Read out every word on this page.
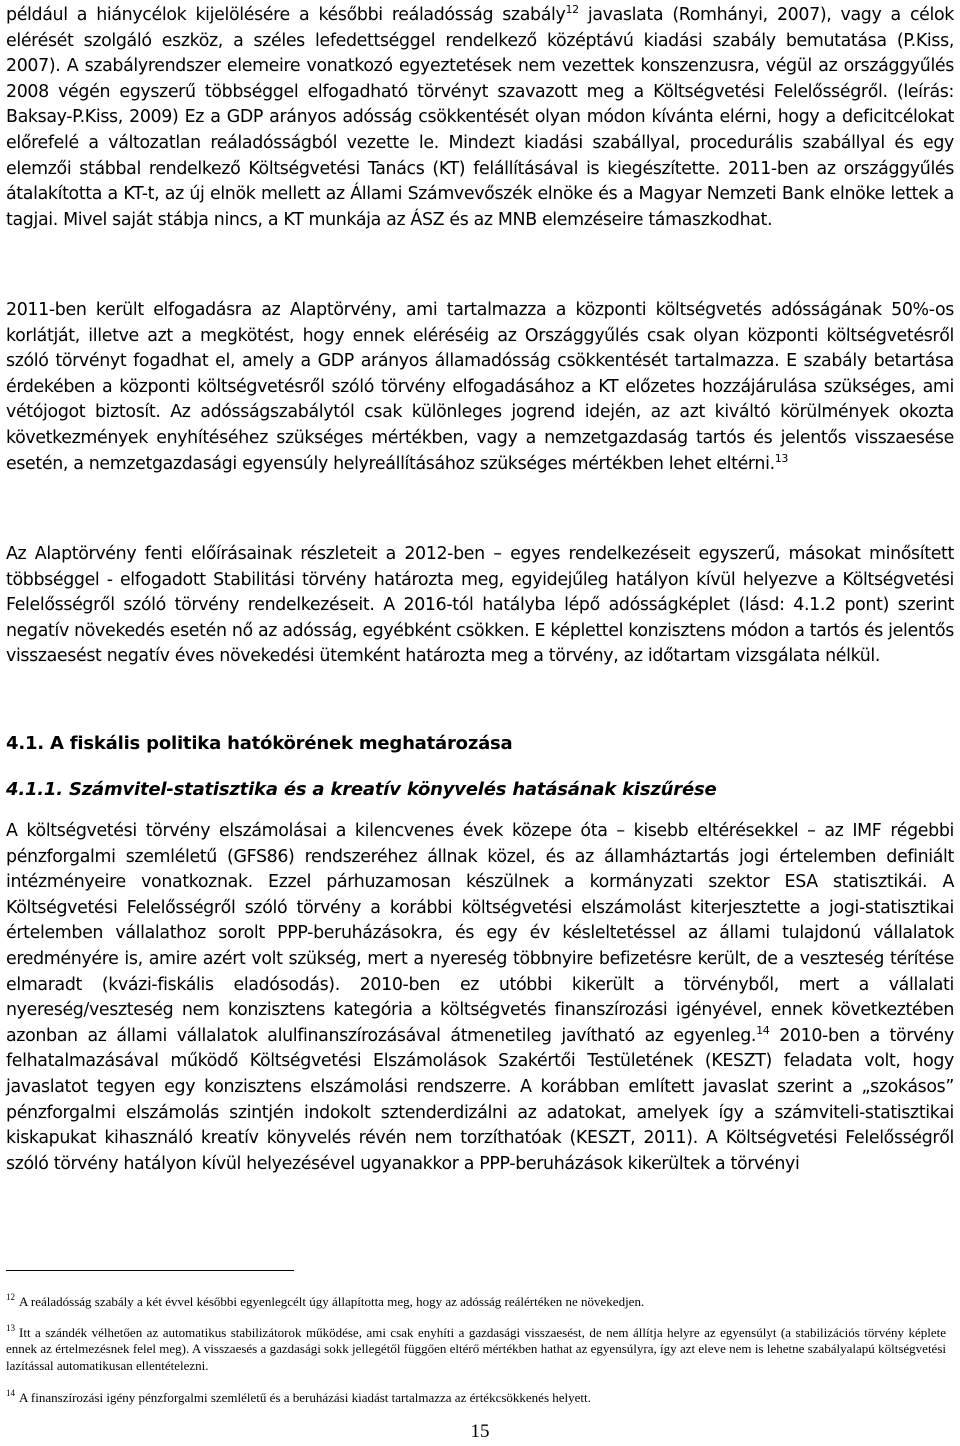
például a hiánycélok kijelölésére a későbbi reáladósság szabály$^{12}$ javaslata (Romhányi, 2007), vagy a célok elérését szolgáló eszköz, a széles lefedettséggel rendelkező középtávú kiadási szabály bemutatása (P.Kiss, 2007). A szabályrendszer elemeire vonatkozó egyeztetések nem vezettek konszenzusra, végül az országgyűlés 2008 végén egyszerű többséggel elfogadható törvényt szavazott meg a Költségvetési Felelősségről. (leírás: Baksay-P.Kiss, 2009) Ez a GDP arányos adósság csökkentését olyan módon kívánta elérni, hogy a deficitcélokat előrefelé a változatlan reáladósságból vezette le. Mindezt kiadási szabállyal, procedurális szabállyal és egy elemzői stábbal rendelkező Költségvetési Tanács (KT) felállításával is kiegészítette. 2011-ben az országgyűlés átalakította a KT-t, az új elnök mellett az Állami Számvevőszék elnöke és a Magyar Nemzeti Bank elnöke lettek a tagjai. Mivel saját stábja nincs, a KT munkája az ÁSZ és az MNB elemzéseire támaszkodhat.

2011-ben került elfogadásra az Alaptörvény, ami tartalmazza a központi költségvetés adósságának 50%-os korlátját, illetve azt a megkötést, hogy ennek eléréséig az Országgyűlés csak olyan központi költségvetésről szóló törvényt fogadhat el, amely a GDP arányos államadósság csökkentését tartalmazza. E szabály betartása érdekében a központi költségvetésről szóló törvény elfogadásához a KT előzetes hozzájárulása szükséges, ami vétójogot biztosít. Az adósságszabálytól csak különleges jogrend idején, az azt kiváltó körülmények okozta következmények enyhítéséhez szükséges mértékben, vagy a nemzetgazdaság tartós és jelentős visszaesése esetén, a nemzetgazdasági egyensúly helyreállításához szükséges mértékben lehet eltérni.$^{13}$

Az Alaptörvény fenti előírásainak részleteit a 2012-ben – egyes rendelkezéseit egyszerű, másokat minősített többséggel - elfogadott Stabilitási törvény határozta meg, egyidejűleg hatályon kívül helyezve a Költségvetési Felelősségről szóló törvény rendelkezéseit. A 2016-tól hatályba lépő adósságképlet (lásd: 4.1.2 pont) szerint negatív növekedés esetén nő az adósság, egyébként csökken. E képlettel konzisztens módon a tartós és jelentős visszaesést negatív éves növekedési ütemként határozta meg a törvény, az időtartam vizsgálata nélkül.

4.1. A fiskális politika hatókörének meghatározása
4.1.1. Számvitel-statisztika és a kreatív könyvelés hatásának kiszűrése

A költségvetési törvény elszámolásai a kilencvenes évek közepe óta – kisebb eltérésekkel – az IMF régebbi pénzforgalmi szemléletű (GFS86) rendszeréhez állnak közel, és az államháztartás jogi értelemben definiált intézményeire vonatkoznak. Ezzel párhuzamosan készülnek a kormányzati szektor ESA statisztikái. A Költségvetési Felelősségről szóló törvény a korábbi költségvetési elszámolást kiterjesztette a jogi-statisztikai értelemben vállalathoz sorolt PPP-beruházásokra, és egy év késleltetéssel az állami tulajdonú vállalatok eredményére is, amire azért volt szükség, mert a nyereség többnyire befizetésre került, de a veszteség térítése elmaradt (kvázi-fiskális eladósodás). 2010-ben ez utóbbi kikerült a törvényből, mert a vállalati nyereség/veszteség nem konzisztens kategória a költségvetés finanszírozási igényével, ennek következtében azonban az állami vállalatok alulfinanszírozásával átmenetileg javítható az egyenleg.$^{14}$ 2010-ben a törvény felhatalmazásával működő Költségvetési Elszámolások Szakértői Testületének (KESZT) feladata volt, hogy javaslatot tegyen egy konzisztens elszámolási rendszerre. A korábban említett javaslat szerint a „szokásos” pénzforgalmi elszámolás szintjén indokolt sztenderdizálni az adatokat, amelyek így a számviteli-statisztikai kiskapukat kihasználó kreatív könyvelés révén nem torzíthatóak (KESZT, 2011). A Költségvetési Felelősségről szóló törvény hatályon kívül helyezésével ugyanakkor a PPP-beruházások kikerültek a törvényi

$^{12}$ A reáladósság szabály a két évvel későbbi egyenlegcélt úgy állapította meg, hogy az adósság reálértéken ne növekedjen.

$^{13}$ Itt a szándék vélhetően az automatikus stabilizátorok működése, ami csak enyhíti a gazdasági visszaesést, de nem állítja helyre az egyensúlyt (a stabilizációs törvény képlete ennek az értelmezésnek felel meg). A visszaesés a gazdasági sokk jellegétől függően eltérő mértékben hathat az egyensúlyra, így azt eleve nem is lehetne szabályalapú költségvetési lazítással automatikusan ellentételezni.

$^{14}$ A finanszírozási igény pénzforgalmi szemléletű és a beruházási kiadást tartalmazza az értékcsökkenés helyett.

15
